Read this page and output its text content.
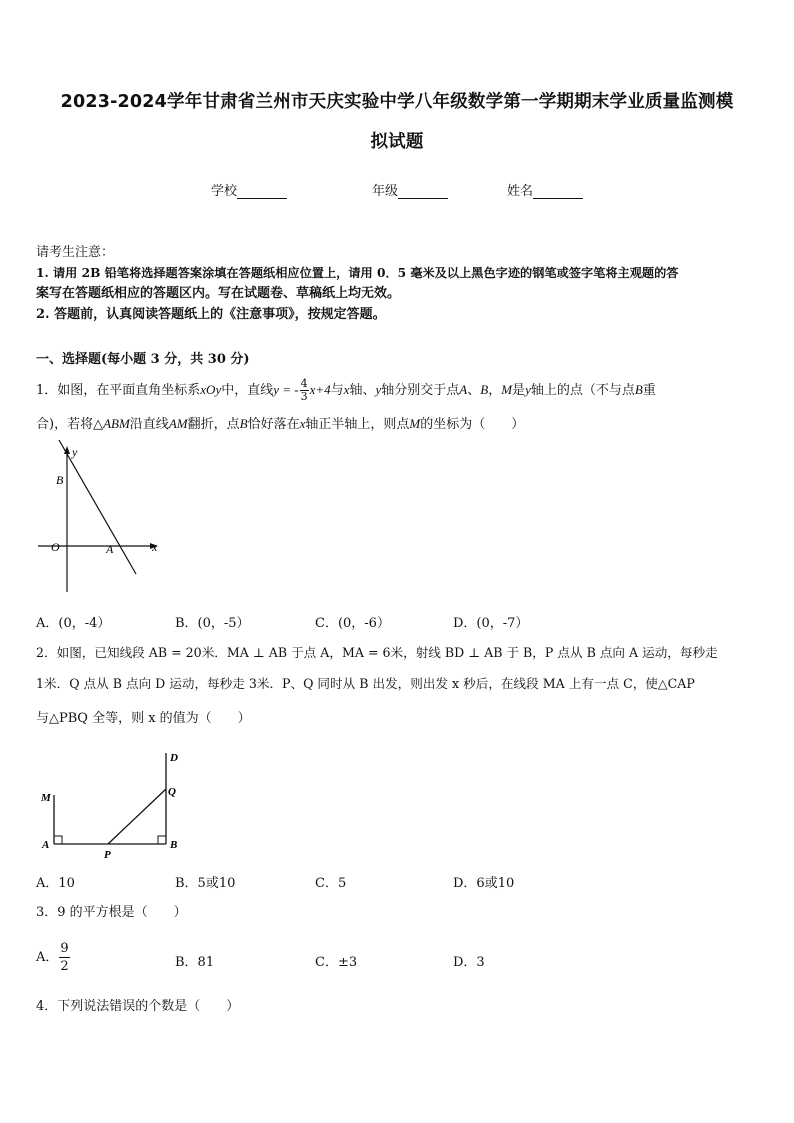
2023-2024学年甘肃省兰州市天庆实验中学八年级数学第一学期期末学业质量监测模
拟试题
学校	年级	姓名
请考生注意：
1. 请用 2B 铅笔将选择题答案涂填在答题纸相应位置上，请用 0．5 毫米及以上黑色字迹的钢笔或签字笔将主观题的答
案写在答题纸相应的答题区内。写在试题卷、草稿纸上均无效。
2. 答题前，认真阅读答题纸上的《注意事项》，按规定答题。
一、选择题(每小题 3 分，共 30 分)
1．如图，在平面直角坐标系xOy中，直线y = - $\frac{4}{3} x+4$与x轴、y轴分别交于点A、B，M是y轴上的点（不与点B重
合)，若将△ABM沿直线AM翻折，点B恰好落在x轴正半轴上，则点M的坐标为（　　）
y
B
O	A	x
A．(0，-4）	B．(0，-5）	C．(0，-6）	D．(0，-7）
2．如图，已知线段 AB = 20米．MA ⊥ AB 于点 A，MA = 6米，射线 BD ⊥ AB 于 B，P 点从 B 点向 A 运动，每秒走
1米．Q 点从 B 点向 D 运动，每秒走 3米．P、Q 同时从 B 出发，则出发 x 秒后，在线段 MA 上有一点 C，使△CAP
与△PBQ 全等，则 x 的值为（　　）
D
M	Q
A
P
B
A．10	B．5或10	C．5	D．6或10
3．9 的平方根是（　　）
A． $\frac{9}{2}$	B．81	C．±3	D．3
4．下列说法错误的个数是（　　）
